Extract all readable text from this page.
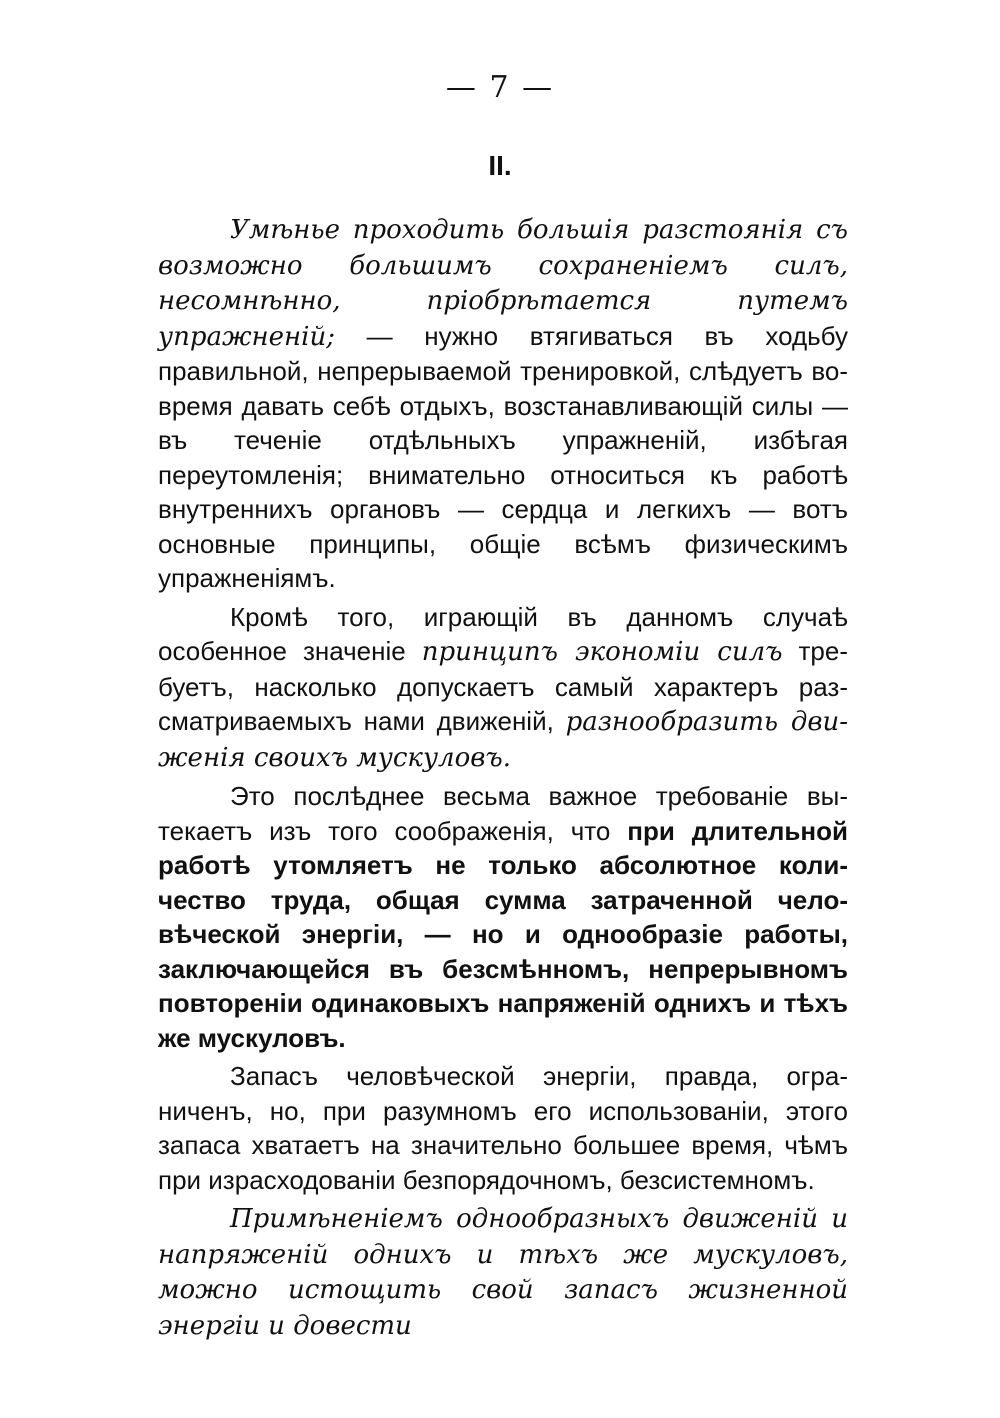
— 7 —
II.

Умѣнье проходить большія разстоянія съ возможно большимъ сохраненіемъ силъ, несомнѣнно, пріобрѣтается путемъ упражненій; — нужно втягиваться въ ходьбу правильной, непрерываемой тренировкой, слѣдуетъ во-время давать себѣ отдыхъ, возстанавливающій силы — въ теченіе отдѣльныхъ упражненій, избѣгая переутомленія; внимательно относиться къ работѣ внутреннихъ органовъ — сердца и легкихъ — вотъ основные принципы, общіе всѣмъ физическимъ упражненіямъ.

Кромѣ того, играющій въ данномъ случаѣ особенное значеніе принципъ экономіи силъ требуетъ, насколько допускаетъ самый характеръ разсматриваемыхъ нами движеній, разнообразить движенія своихъ мускуловъ.

Это послѣднее весьма важное требованіе вытекаетъ изъ того соображенія, что при длительной работѣ утомляетъ не только абсолютное количество труда, общая сумма затраченной человѣческой энергіи, — но и однообразіе работы, заключающейся въ безсмѣнномъ, непрерывномъ повтореніи одинаковыхъ напряженій однихъ и тѣхъ же мускуловъ.

Запасъ человѣческой энергіи, правда, ограниченъ, но, при разумномъ его использованіи, этого запаса хватаетъ на значительно большее время, чѣмъ при израсходованіи безпорядочномъ, безсистемномъ.

Примѣненіемъ однообразныхъ движеній и напряженій однихъ и тѣхъ же мускуловъ, можно истощить свой запасъ жизненной энергіи и довести
